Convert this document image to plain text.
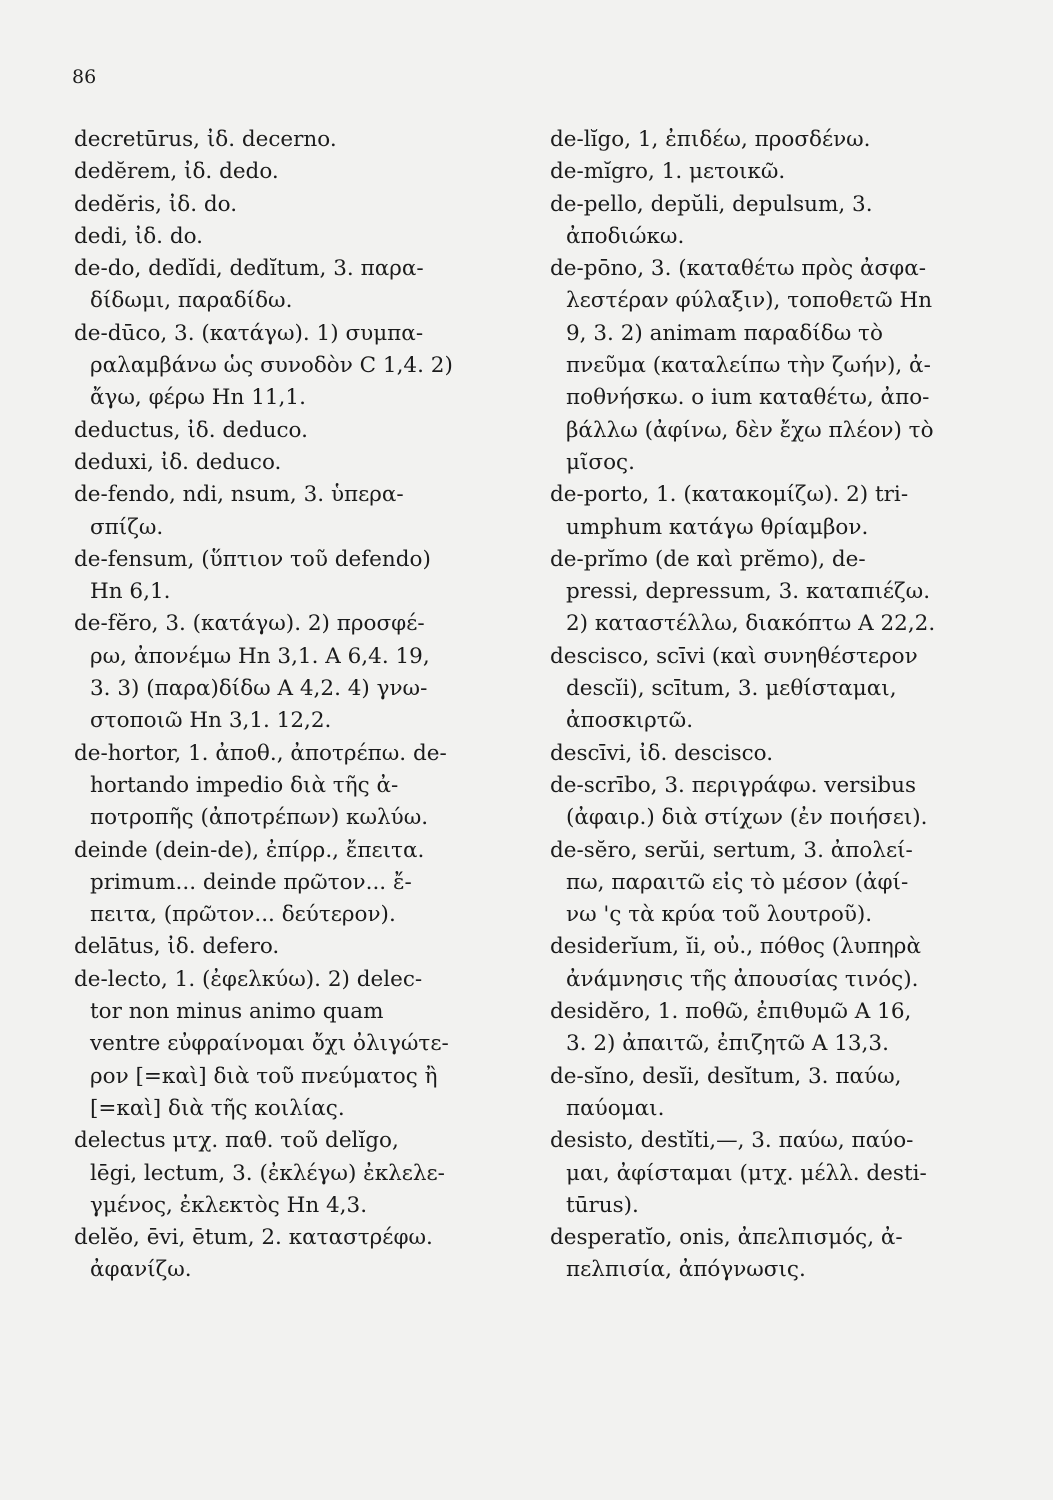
86
decretūrus, ἰδ. decerno.
dedĕrem, ἰδ. dedo.
dedĕris, ἰδ. do.
dedi, ἰδ. do.
de-do, dedĭdi, dedĭtum, 3. παρα-
δίδωμι, παραδίδω.
de-dūco, 3. (κατάγω). 1) συμπα-
ραλαμβάνω ὡς συνοδὸν C 1,4. 2)
ἄγω, φέρω Hn 11,1.
deductus, ἰδ. deduco.
deduxi, ἰδ. deduco.
de-fendo, ndi, nsum, 3. ὑπερα-
σπίζω.
de-fensum, (ὕπτιον τοῦ defendo)
Hn 6,1.
de-fĕro, 3. (κατάγω). 2) προσφέ-
ρω, ἀπονέμω Hn 3,1. A 6,4. 19,
3. 3) (παρα)δίδω A 4,2. 4) γνω-
στοποιῶ Hn 3,1. 12,2.
de-hortor, 1. ἀποθ., ἀποτρέπω. de-
hortando impedio διὰ τῆς ἀ-
ποτροπῆς (ἀποτρέπων) κωλύω.
deinde (dein-de), ἐπίρρ., ἔπειτα.
primum... deinde πρῶτον... ἔ-
πειτα, (πρῶτον... δεύτερον).
delātus, ἰδ. defero.
de-lecto, 1. (ἐφελκύω). 2) delec-
tor non minus animo quam
ventre εὐφραίνομαι ὄχι ὀλιγώτε-
ρον [=καὶ] διὰ τοῦ πνεύματος ἢ
[=καὶ] διὰ τῆς κοιλίας.
delectus μτχ. παθ. τοῦ delĭgo,
lēgi, lectum, 3. (ἐκλέγω) ἐκλελε-
γμένος, ἐκλεκτὸς Hn 4,3.
delĕo, ēvi, ētum, 2. καταστρέφω.
ἀφανίζω.
de-lĭgo, 1, ἐπιδέω, προσδένω.
de-mĭgro, 1. μετοικῶ.
de-pello, depŭli, depulsum, 3.
ἀποδιώκω.
de-pōno, 3. (καταθέτω πρὸς ἀσφα-
λεστέραν φύλαξιν), τοποθετῶ Hn
9, 3. 2) animam παραδίδω τὸ
πνεῦμα (καταλείπω τὴν ζωήν), ἀ-
ποθνήσκω. o ium καταθέτω, ἀπο-
βάλλω (ἀφίνω, δὲν ἔχω πλέον) τὸ
μῖσος.
de-porto, 1. (κατακομίζω). 2) tri-
umphum κατάγω θρίαμβον.
de-prĭmo (de καὶ prĕmo), de-
pressi, depressum, 3. καταπιέζω.
2) καταστέλλω, διακόπτω A 22,2.
descisco, scīvi (καὶ συνηθέστερον
descĭi), scītum, 3. μεθίσταμαι,
ἀποσκιρτῶ.
descīvi, ἰδ. descisco.
de-scrībo, 3. περιγράφω. versibus
(ἀφαιρ.) διὰ στίχων (ἐν ποιήσει).
de-sĕro, serŭi, sertum, 3. ἀπολεί-
πω, παραιτῶ εἰς τὸ μέσον (ἀφί-
νω 'ς τὰ κρύα τοῦ λουτροῦ).
desiderĭum, ĭi, οὐ., πόθος (λυπηρὰ
ἀνάμνησις τῆς ἀπουσίας τινός).
desidĕro, 1. ποθῶ, ἐπιθυμῶ A 16,
3. 2) ἀπαιτῶ, ἐπιζητῶ A 13,3.
de-sĭno, desĭi, desĭtum, 3. παύω,
παύομαι.
desisto, destĭti,—, 3. παύω, παύο-
μαι, ἀφίσταμαι (μτχ. μέλλ. desti-
tūrus).
desperatĭo, onis, ἀπελπισμός, ἀ-
πελπισία, ἀπόγνωσις.
